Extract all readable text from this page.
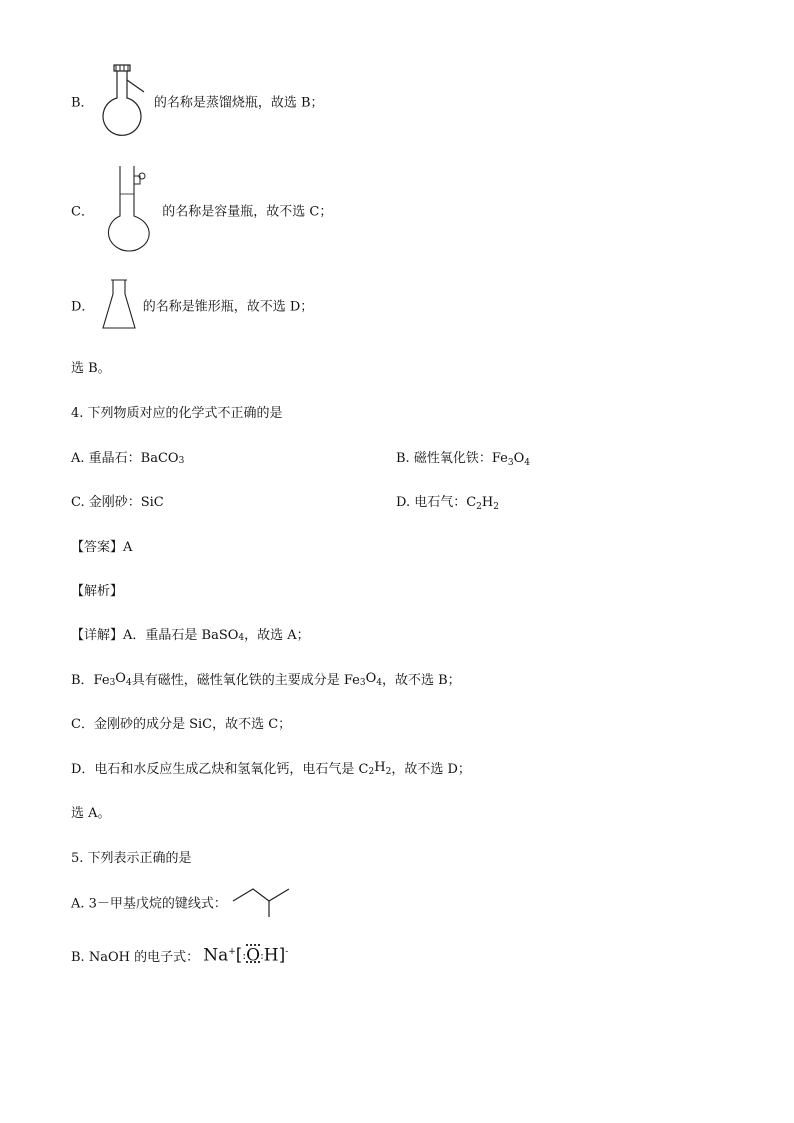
B．	的名称是蒸馏烧瓶，故选 B；
C．	的名称是容量瓶，故不选 C；
D．	的名称是锥形瓶，故不选 D；
选 B。
4. 下列物质对应的化学式不正确的是
A. 重晶石：BaCO$_3$	B. 磁性氧化铁：$Fe_3O_4$
C. 金刚砂：SiC	D. 电石气：$C_2H_2$
【答案】A
【解析】
【详解】A．重晶石是 BaSO$_4$，故选 A；
B．$Fe_3O_4$具有磁性，磁性氧化铁的主要成分是 $Fe_3O_4$，故不选 B；
C．金刚砂的成分是 SiC，故不选 C；
D．电石和水反应生成乙炔和氢氧化钙，电石气是 $C_2H_2$，故不选 D；
选 A。
5. 下列表示正确的是
A. 3－甲基戊烷的键线式：
B. NaOH 的电子式： Na+[:O:H]-
